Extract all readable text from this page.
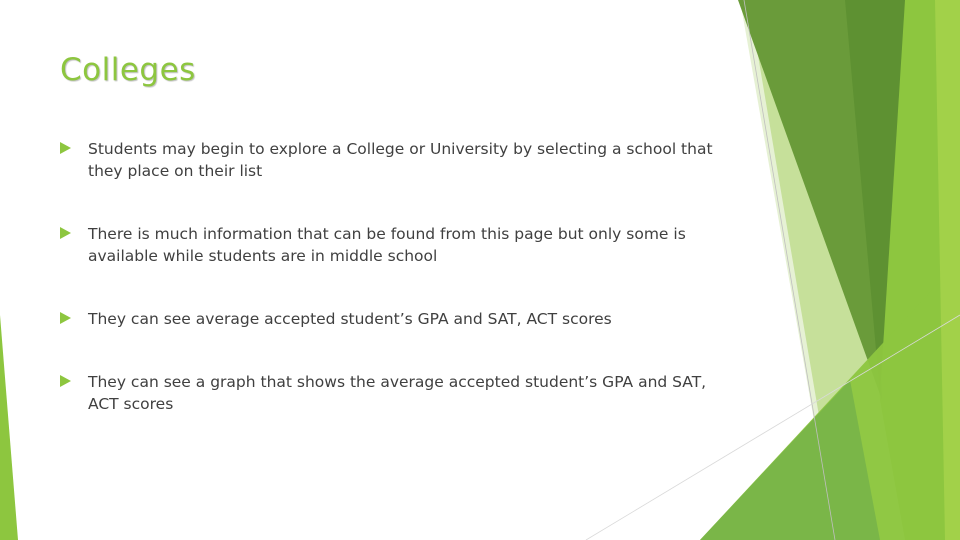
Colleges
Students may begin to explore a College or University by selecting a school that they place on their list
There is much information that can be found from this page but only some is available while students are in middle school
They can see average accepted student’s GPA and SAT, ACT scores
They can see a graph that shows the average accepted student’s GPA and SAT, ACT scores
